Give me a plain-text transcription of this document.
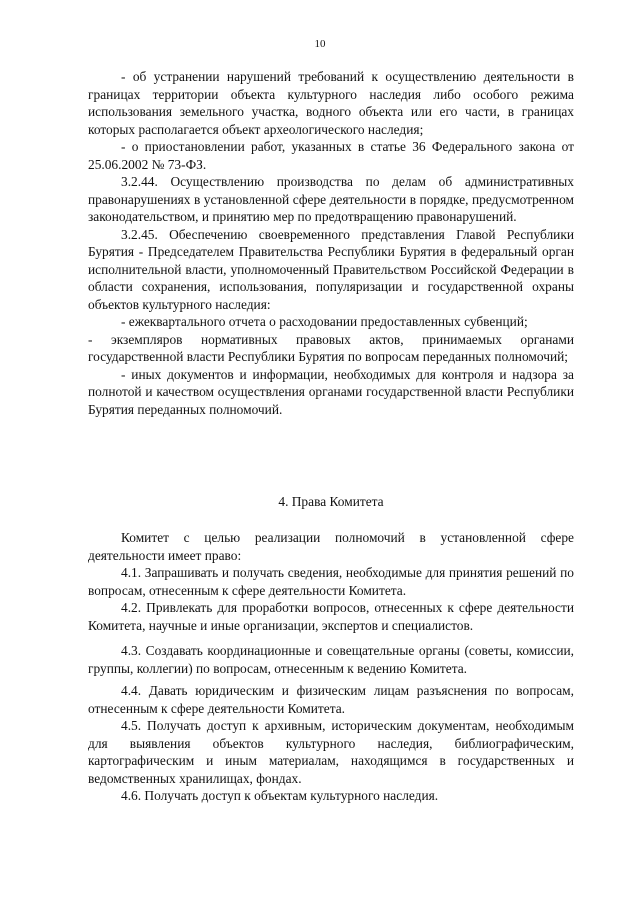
10

- об устранении нарушений требований к осуществлению деятельности в границах территории объекта культурного наследия либо особого режима использования земельного участка, водного объекта или его части, в границах которых располагается объект археологического наследия;

- о приостановлении работ, указанных в статье 36 Федерального закона от 25.06.2002 № 73-ФЗ.

3.2.44. Осуществлению производства по делам об административных правонарушениях в установленной сфере деятельности в порядке, предусмотренном законодательством, и принятию мер по предотвращению правонарушений.

3.2.45. Обеспечению своевременного представления Главой Республики Бурятия - Председателем Правительства Республики Бурятия в федеральный орган исполнительной власти, уполномоченный Правительством Российской Федерации в области сохранения, использования, популяризации и государственной охраны объектов культурного наследия:

- ежеквартального отчета о расходовании предоставленных субвенций;

- экземпляров нормативных правовых актов, принимаемых органами государственной власти Республики Бурятия по вопросам переданных полномочий;

- иных документов и информации, необходимых для контроля и надзора за полнотой и качеством осуществления органами государственной власти Республики Бурятия переданных полномочий.

4. Права Комитета

Комитет с целью реализации полномочий в установленной сфере деятельности имеет право:

4.1. Запрашивать и получать сведения, необходимые для принятия решений по вопросам, отнесенным к сфере деятельности Комитета.

4.2. Привлекать для проработки вопросов, отнесенных к сфере деятельности Комитета, научные и иные организации, экспертов и специалистов.

4.3. Создавать координационные и совещательные органы (советы, комиссии, группы, коллегии) по вопросам, отнесенным к ведению Комитета.

4.4. Давать юридическим и физическим лицам разъяснения по вопросам, отнесенным к сфере деятельности Комитета.

4.5. Получать доступ к архивным, историческим документам, необходимым для выявления объектов культурного наследия, библиографическим, картографическим и иным материалам, находящимся в государственных и ведомственных хранилищах, фондах.

4.6. Получать доступ к объектам культурного наследия.
